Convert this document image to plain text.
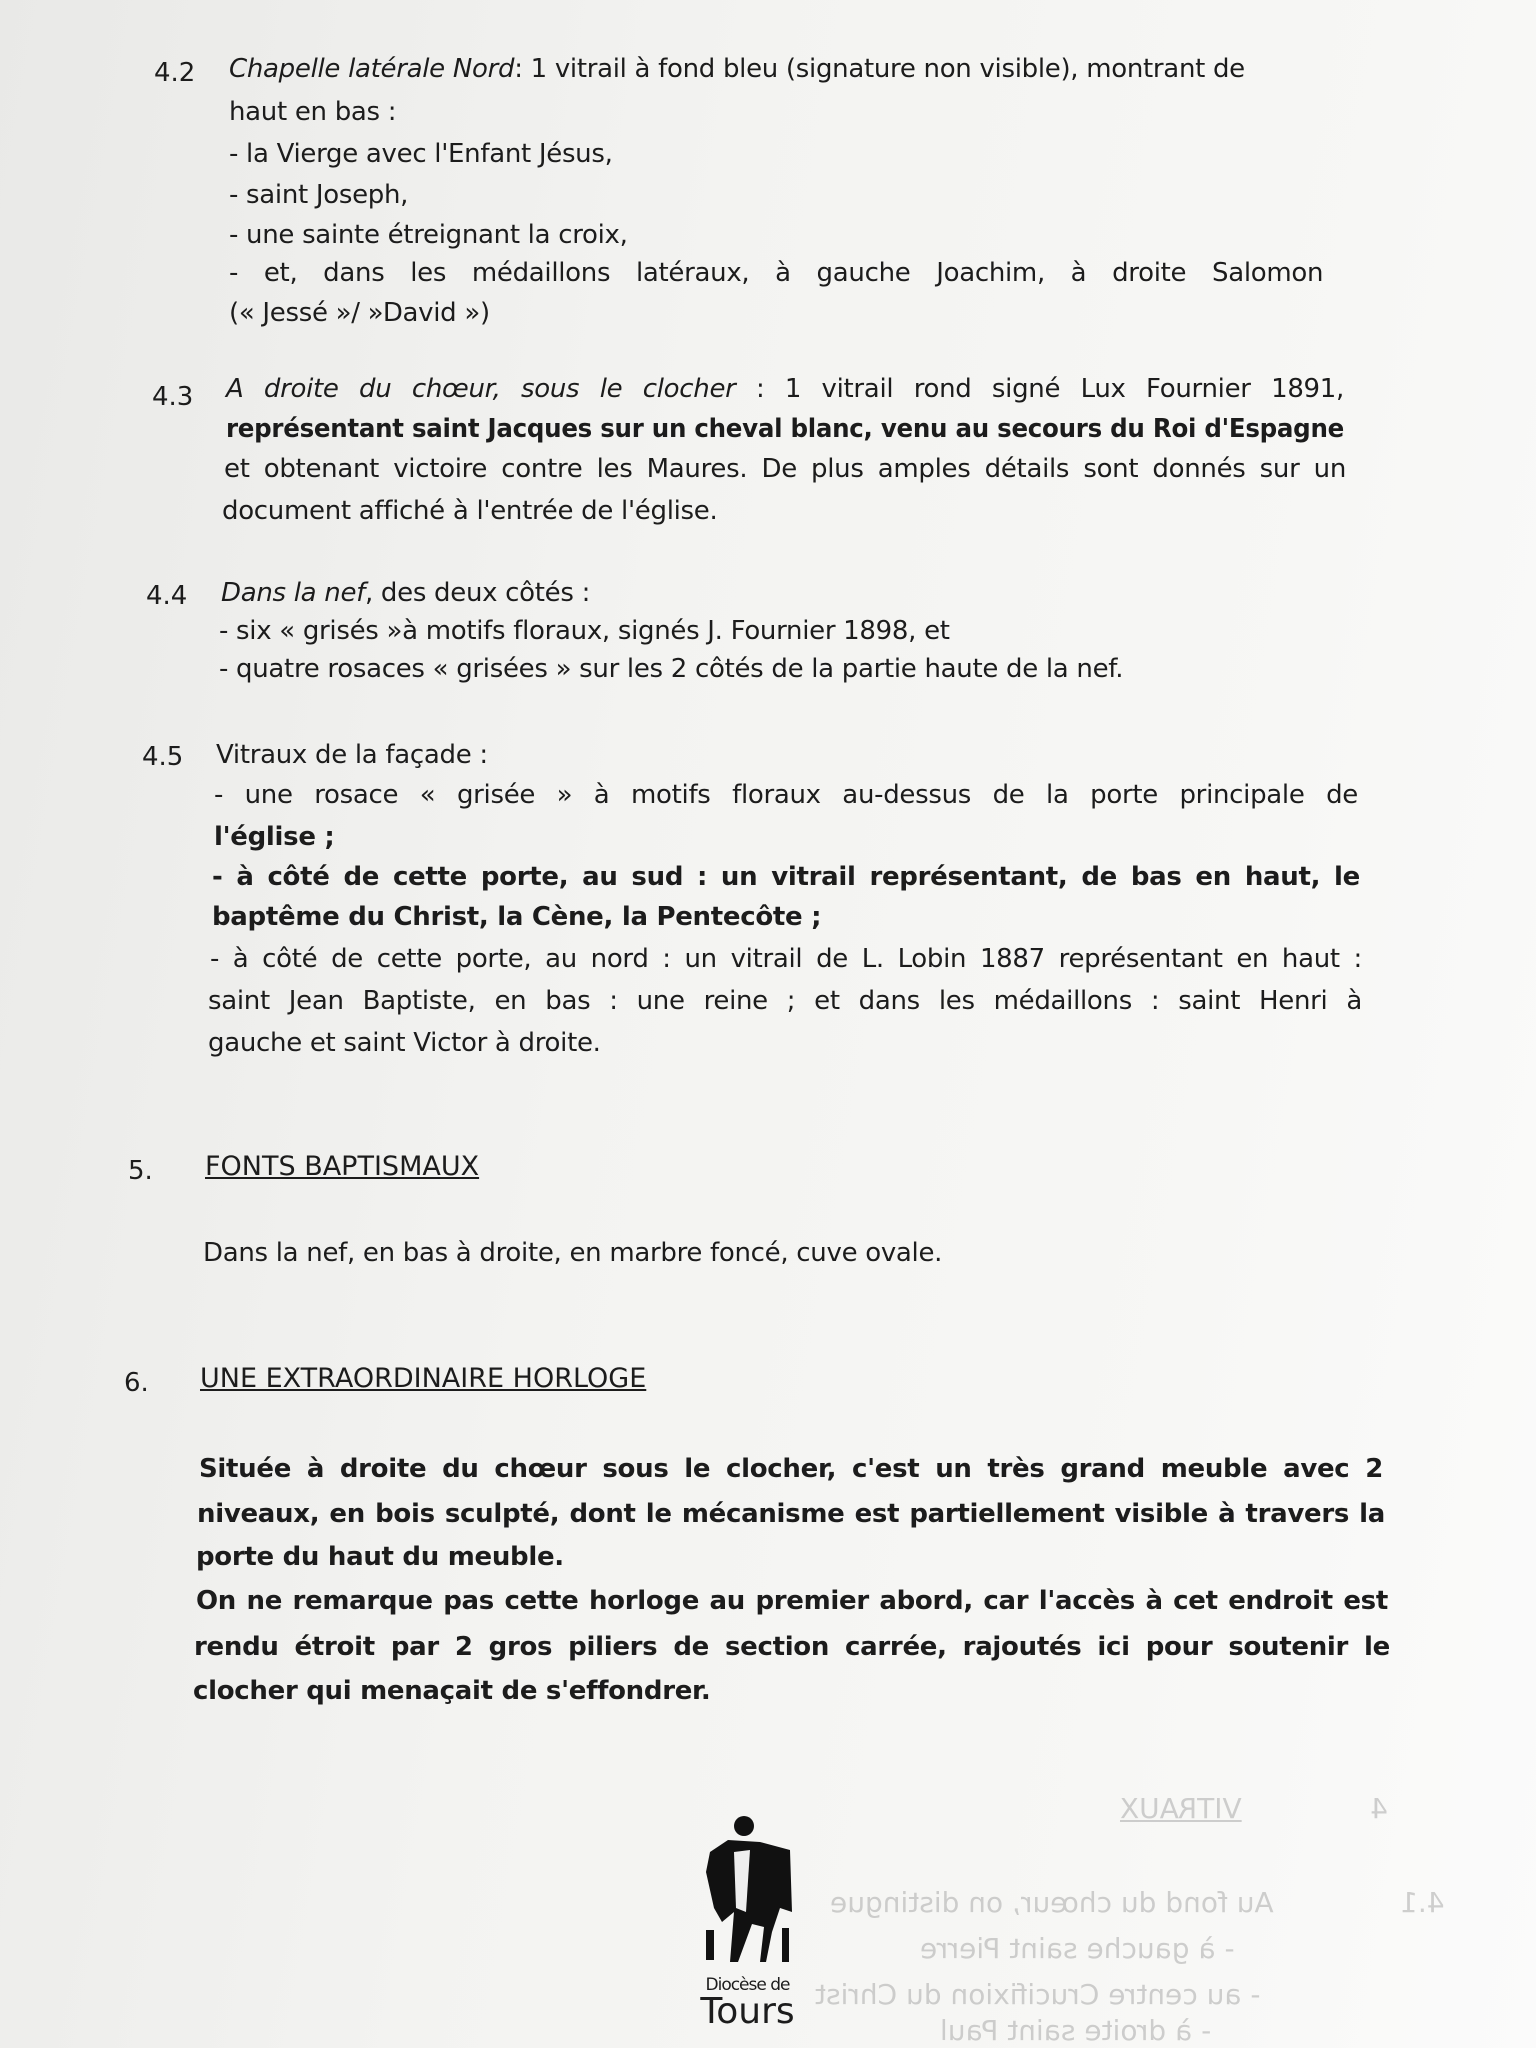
VITRAUX	4
4.1
Au fond du chœur, on distingue
- à gauche saint Pierre
- au centre Crucifixion du Christ
- à droite saint Paul
4.2 Chapelle latérale Nord: 1 vitrail à fond bleu (signature non visible), montrant de
haut en bas :
- la Vierge avec l'Enfant Jésus,
- saint Joseph,
- une sainte étreignant la croix,
- et, dans les médaillons latéraux, à gauche Joachim, à droite Salomon
(« Jessé »/ »David »)
4.3 A droite du chœur, sous le clocher : 1 vitrail rond signé Lux Fournier 1891,
représentant saint Jacques sur un cheval blanc, venu au secours du Roi d'Espagne
et obtenant victoire contre les Maures. De plus amples détails sont donnés sur un
document affiché à l'entrée de l'église.
4.4 Dans la nef, des deux côtés :
- six « grisés »à motifs floraux, signés J. Fournier 1898, et
- quatre rosaces « grisées » sur les 2 côtés de la partie haute de la nef.
4.5 Vitraux de la façade :
- une rosace « grisée » à motifs floraux au-dessus de la porte principale de
l'église ;
- à côté de cette porte, au sud : un vitrail représentant, de bas en haut, le
baptême du Christ, la Cène, la Pentecôte ;
- à côté de cette porte, au nord : un vitrail de L. Lobin 1887 représentant en haut :
saint Jean Baptiste, en bas : une reine ; et dans les médaillons : saint Henri à
gauche et saint Victor à droite.
5. FONTS BAPTISMAUX
Dans la nef, en bas à droite, en marbre foncé, cuve ovale.
6. UNE EXTRAORDINAIRE HORLOGE
Située à droite du chœur sous le clocher, c'est un très grand meuble avec 2
niveaux, en bois sculpté, dont le mécanisme est partiellement visible à travers la
porte du haut du meuble.
On ne remarque pas cette horloge au premier abord, car l'accès à cet endroit est
rendu étroit par 2 gros piliers de section carrée, rajoutés ici pour soutenir le
clocher qui menaçait de s'effondrer.
Diocèse de
Tours
